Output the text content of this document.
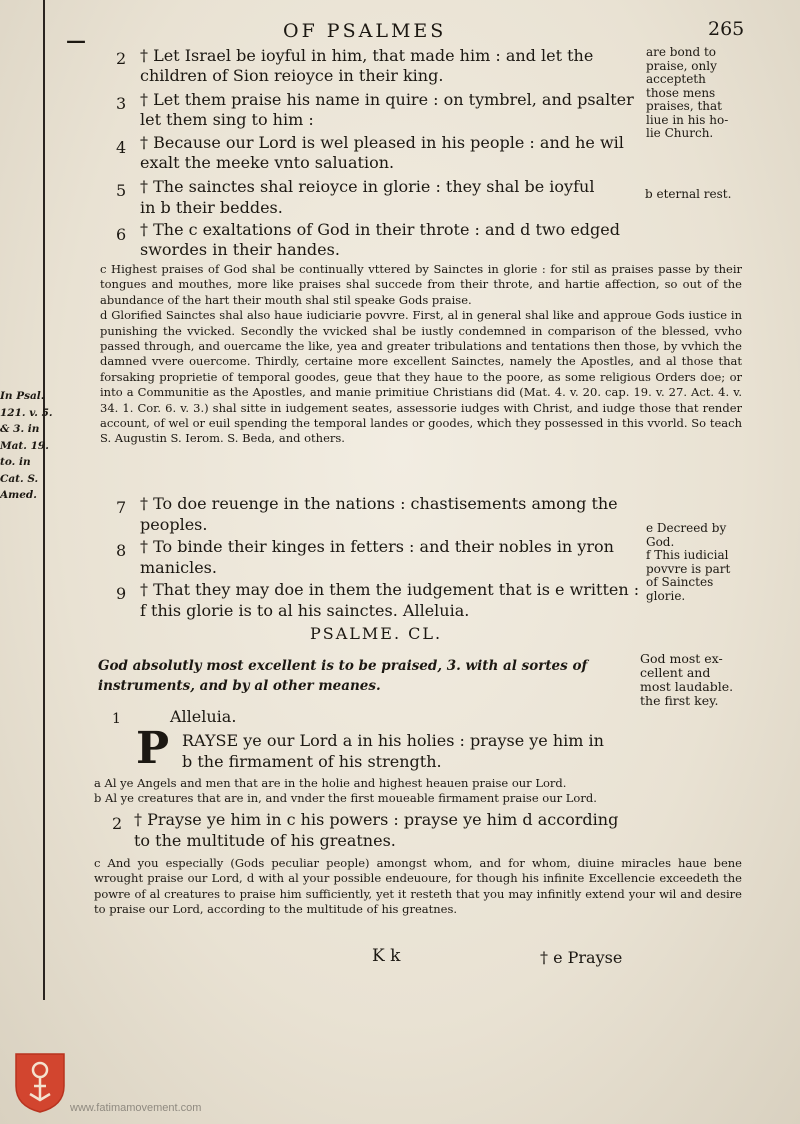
—	OF PSALMES	265
2 † Let Israel be ioyful in him, that made him : and let the
children of Sion reioyce in their king.
3 † Let them praise his name in quire : on tymbrel, and psalter
let them sing to him :
4 † Because our Lord is wel pleased in his people : and he wil
exalt the meeke vnto saluation.
5 † The sainctes shal reioyce in glorie : they shal be ioyful
in b their beddes.
6 † The c exaltations of God in their throte : and d two edged
swordes in their handes.
are bond to
praise, only
accepteth
those mens
praises, that
liue in his ho-
lie Church.
b eternal rest.

c Highest praises of God shal be continually vttered by Sainctes in glorie : for stil as praises passe by their tongues and mouthes, more like praises shal succede from their throte, and hartie affection, so out of the abundance of the hart their mouth shal stil speake Gods praise.

d Glorified Sainctes shal also haue iudiciarie povvre. First, al in general shal like and approue Gods iustice in punishing the vvicked. Secondly the vvicked shal be iustly condemned in comparison of the blessed, vvho passed through, and ouercame the like, yea and greater tribulations and tentations then those, by vvhich the damned vvere ouercome. Thirdly, certaine more excellent Sainctes, namely the Apostles, and al those that forsaking proprietie of temporal goodes, geue that they haue to the poore, as some religious Orders doe; or into a Communitie as the Apostles, and manie primitiue Christians did (Mat. 4. v. 20. cap. 19. v. 27. Act. 4. v. 34. 1. Cor. 6. v. 3.) shal sitte in iudgement seates, assessorie iudges with Christ, and iudge those that render account, of wel or euil spending the temporal landes or goodes, which they possessed in this vvorld. So teach S. Augustin S. Ierom. S. Beda, and others.

In Psal.
121. v. 5.
& 3. in
Mat. 19.
to. in
Cat. S.
Amed.
7 † To doe reuenge in the nations : chastisements among the
peoples.
8 † To binde their kinges in fetters : and their nobles in yron
manicles.
9 † That they may doe in them the iudgement that is e written :
f this glorie is to al his sainctes. Alleluia.
e Decreed by
God.
f This iudicial
povvre is part
of Sainctes
glorie.
PSALME. CL.
God absolutly most excellent is to be praised, 3. with al sortes of instruments, and by al other meanes.
God most ex-
cellent and
most laudable.
the first key.
1	Alleluia.
P RAYSE ye our Lord a in his holies : prayse ye him in
b the firmament of his strength.

a Al ye Angels and men that are in the holie and highest heauen praise our Lord.

b Al ye creatures that are in, and vnder the first moueable firmament praise our Lord.

2 † Prayse ye him in c his powers : prayse ye him d according
to the multitude of his greatnes.

c And you especially (Gods peculiar people) amongst whom, and for whom, diuine miracles haue bene wrought praise our Lord, d with al your possible endeuoure, for though his infinite Excellencie exceedeth the powre of al creatures to praise him sufficiently, yet it resteth that you may infinitly extend your wil and desire to praise our Lord, according to the multitude of his greatnes.

K k	† e Prayse
www.fatimamovement.com
